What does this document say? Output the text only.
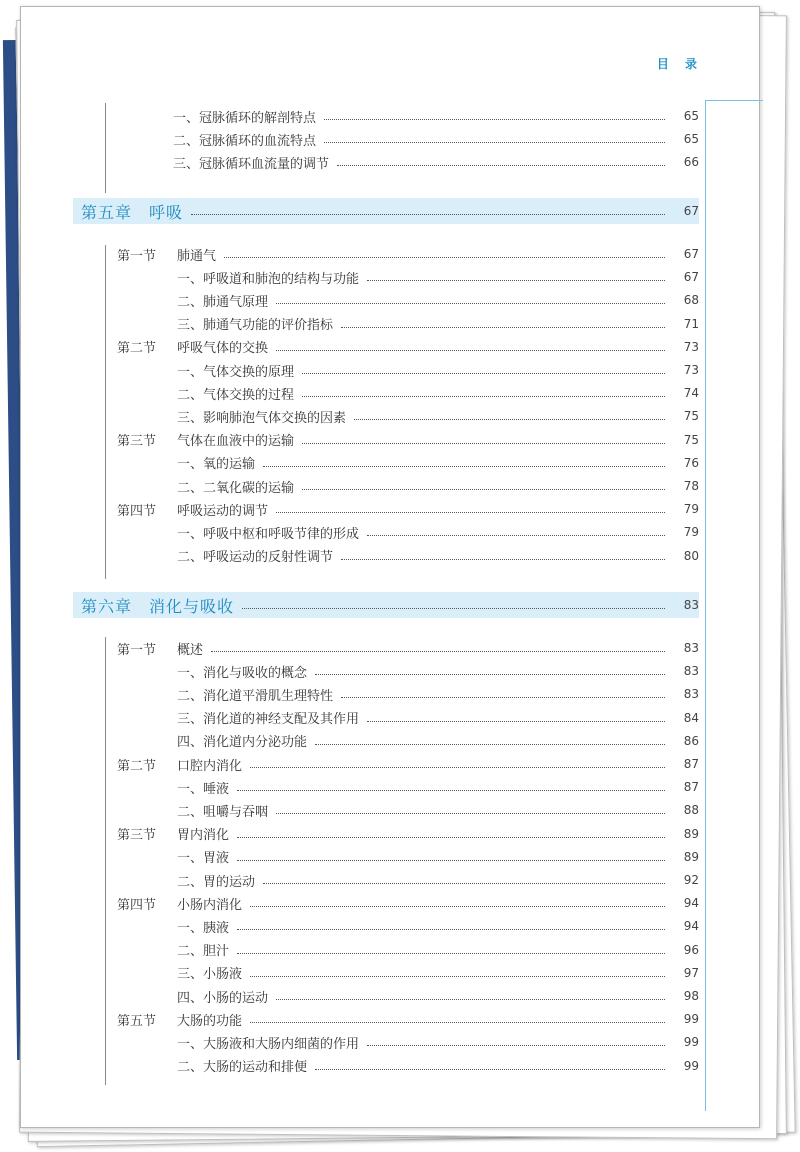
目 录
一、冠脉循环的解剖特点	65
二、冠脉循环的血流特点	65
三、冠脉循环血流量的调节	66
第五章　呼吸	67
第一节	肺通气	67
一、呼吸道和肺泡的结构与功能	67
二、肺通气原理	68
三、肺通气功能的评价指标	71
第二节	呼吸气体的交换	73
一、气体交换的原理	73
二、气体交换的过程	74
三、影响肺泡气体交换的因素	75
第三节	气体在血液中的运输	75
一、氧的运输	76
二、二氧化碳的运输	78
第四节	呼吸运动的调节	79
一、呼吸中枢和呼吸节律的形成	79
二、呼吸运动的反射性调节	80
第六章　消化与吸收	83
第一节	概述	83
一、消化与吸收的概念	83
二、消化道平滑肌生理特性	83
三、消化道的神经支配及其作用	84
四、消化道内分泌功能	86
第二节	口腔内消化	87
一、唾液	87
二、咀嚼与吞咽	88
第三节	胃内消化	89
一、胃液	89
二、胃的运动	92
第四节	小肠内消化	94
一、胰液	94
二、胆汁	96
三、小肠液	97
四、小肠的运动	98
第五节	大肠的功能	99
一、大肠液和大肠内细菌的作用	99
二、大肠的运动和排便	99
